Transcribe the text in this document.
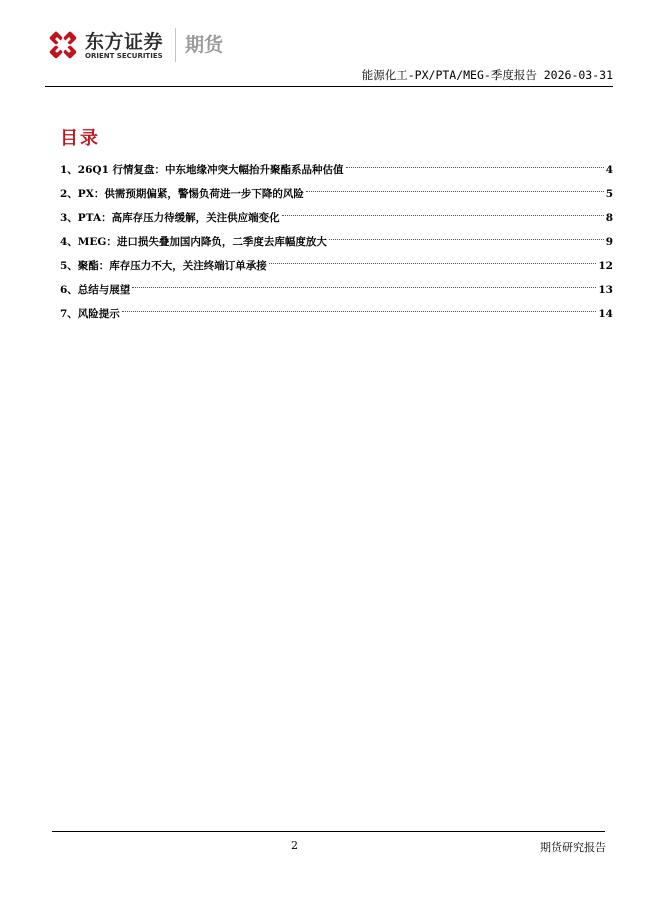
东方证券
ORIENT SECURITIES 期货
能源化工-PX/PTA/MEG-季度报告 2026-03-31
目录
1、26Q1 行情复盘：中东地缘冲突大幅抬升聚酯系品种估值	4
2、PX：供需预期偏紧，警惕负荷进一步下降的风险	5
3、PTA：高库存压力待缓解，关注供应端变化	8
4、MEG：进口损失叠加国内降负，二季度去库幅度放大	9
5、聚酯：库存压力不大，关注终端订单承接	12
6、总结与展望	13
7、风险提示	14
2	期货研究报告
